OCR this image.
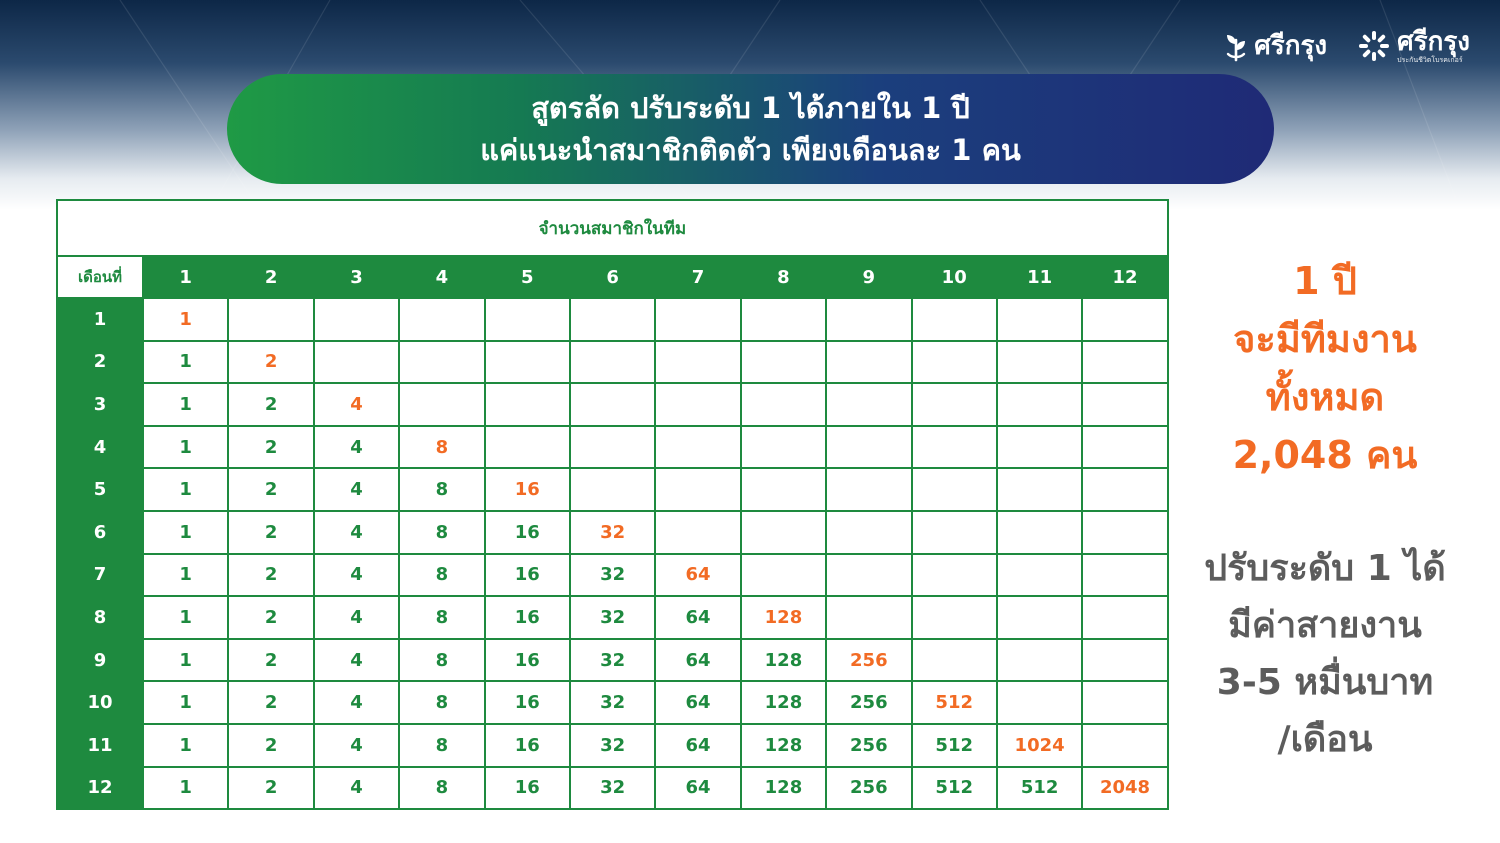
ศรีกรุง	ศรีกรุง
ประกันชีวิตโบรคเกอร์
สูตรลัด ปรับระดับ 1 ได้ภายใน 1 ปี
แค่แนะนำสมาชิกติดตัว เพียงเดือนละ 1 คน
จำนวนสมาชิกในทีม												
เดือนที่	1	2	3	4	5	6	7	8	9	10	11	12
1	1											
2	1	2										
3	1	2	4									
4	1	2	4	8								
5	1	2	4	8	16							
6	1	2	4	8	16	32						
7	1	2	4	8	16	32	64					
8	1	2	4	8	16	32	64	128				
9	1	2	4	8	16	32	64	128	256			
10	1	2	4	8	16	32	64	128	256	512		
11	1	2	4	8	16	32	64	128	256	512	1024	
12	1	2	4	8	16	32	64	128	256	512	512	2048
1 ปี
จะมีทีมงาน
ทั้งหมด
2,048 คน
ปรับระดับ 1 ได้
มีค่าสายงาน
3-5 หมื่นบาท
/เดือน
